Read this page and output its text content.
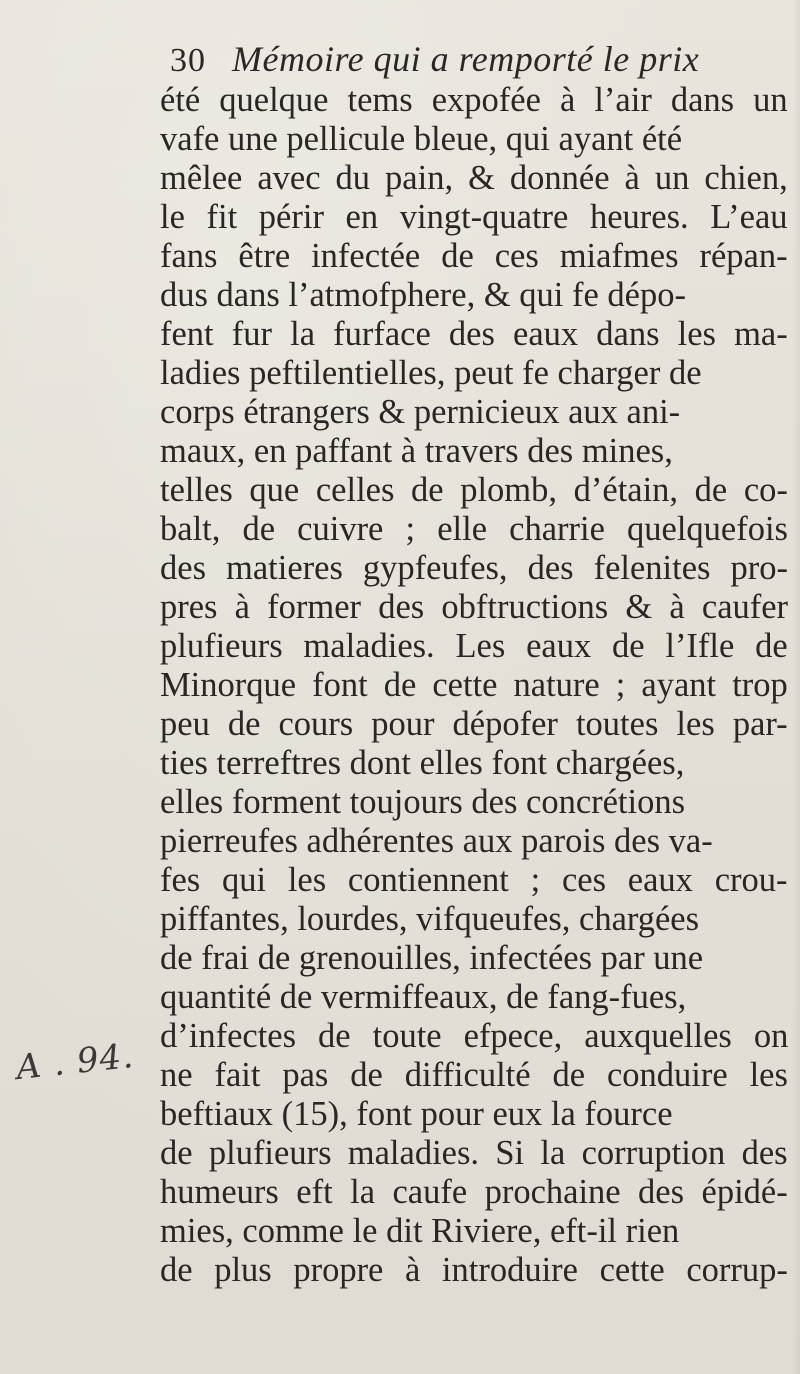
30 Mémoire qui a remporté le prix
été quelque tems expofée à l’air dans un
vafe une pellicule bleue, qui ayant été
mêlee avec du pain, & donnée à un chien,
le fit périr en vingt-quatre heures. L’eau
fans être infectée de ces miafmes répan-
dus dans l’atmofphere, & qui fe dépo-
fent fur la furface des eaux dans les ma-
ladies peftilentielles, peut fe charger de
corps étrangers & pernicieux aux ani-
maux, en paffant à travers des mines,
telles que celles de plomb, d’étain, de co-
balt, de cuivre ; elle charrie quelquefois
des matieres gypfeufes, des felenites pro-
pres à former des obftructions & à caufer
plufieurs maladies. Les eaux de l’Ifle de
Minorque font de cette nature ; ayant trop
peu de cours pour dépofer toutes les par-
ties terreftres dont elles font chargées,
elles forment toujours des concrétions
pierreufes adhérentes aux parois des va-
fes qui les contiennent ; ces eaux crou-
piffantes, lourdes, vifqueufes, chargées
de frai de grenouilles, infectées par une
quantité de vermiffeaux, de fang-fues,
d’infectes de toute efpece, auxquelles on
ne fait pas de difficulté de conduire les
beftiaux (15), font pour eux la fource
de plufieurs maladies. Si la corruption des
humeurs eft la caufe prochaine des épidé-
mies, comme le dit Riviere, eft-il rien
de plus propre à introduire cette corrup-
A . 94.
